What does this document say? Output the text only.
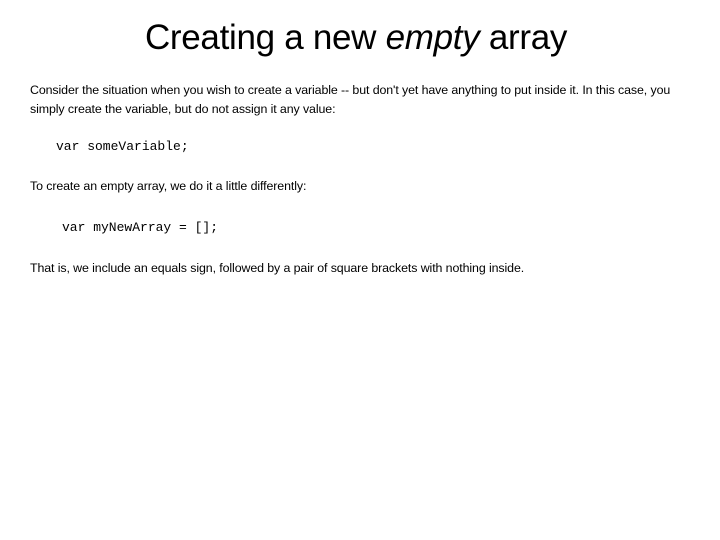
Creating a new empty array
Consider the situation when you wish to create a variable -- but don't yet have anything to put inside it. In this case, you simply create the variable, but do not assign it any value:
var someVariable;
To create an empty array, we do it a little differently:
var myNewArray = [];
That is, we include an equals sign, followed by a pair of square brackets with nothing inside.
